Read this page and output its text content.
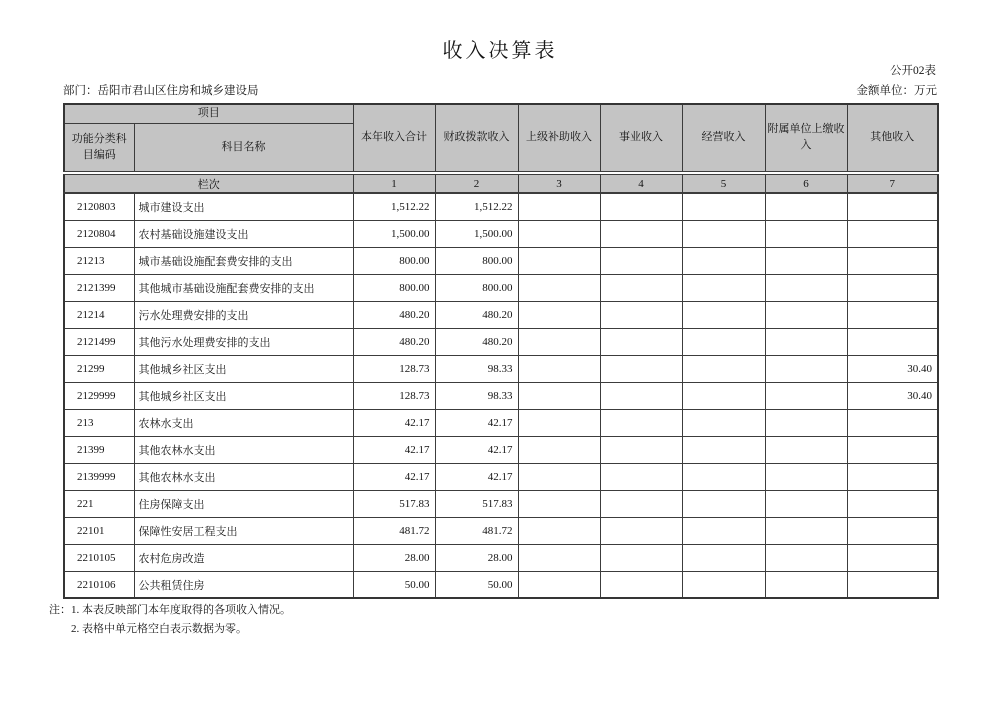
收入决算表
公开02表
部门：岳阳市君山区住房和城乡建设局	金额单位：万元
项目		本年收入合计	财政拨款收入	上级补助收入	事业收入	经营收入	附属单位上缴收入	其他收入
功能分类科目编码	科目名称							
栏次		1	2	3	4	5	6	7
2120803	城市建设支出	1,512.22	1,512.22					
2120804	农村基础设施建设支出	1,500.00	1,500.00					
21213	城市基础设施配套费安排的支出	800.00	800.00					
2121399	其他城市基础设施配套费安排的支出	800.00	800.00					
21214	污水处理费安排的支出	480.20	480.20					
2121499	其他污水处理费安排的支出	480.20	480.20					
21299	其他城乡社区支出	128.73	98.33					30.40
2129999	其他城乡社区支出	128.73	98.33					30.40
213	农林水支出	42.17	42.17					
21399	其他农林水支出	42.17	42.17					
2139999	其他农林水支出	42.17	42.17					
221	住房保障支出	517.83	517.83					
22101	保障性安居工程支出	481.72	481.72					
2210105	农村危房改造	28.00	28.00					
2210106	公共租赁住房	50.00	50.00					
注： 1. 本表反映部门本年度取得的各项收入情况。
2. 表格中单元格空白表示数据为零。
